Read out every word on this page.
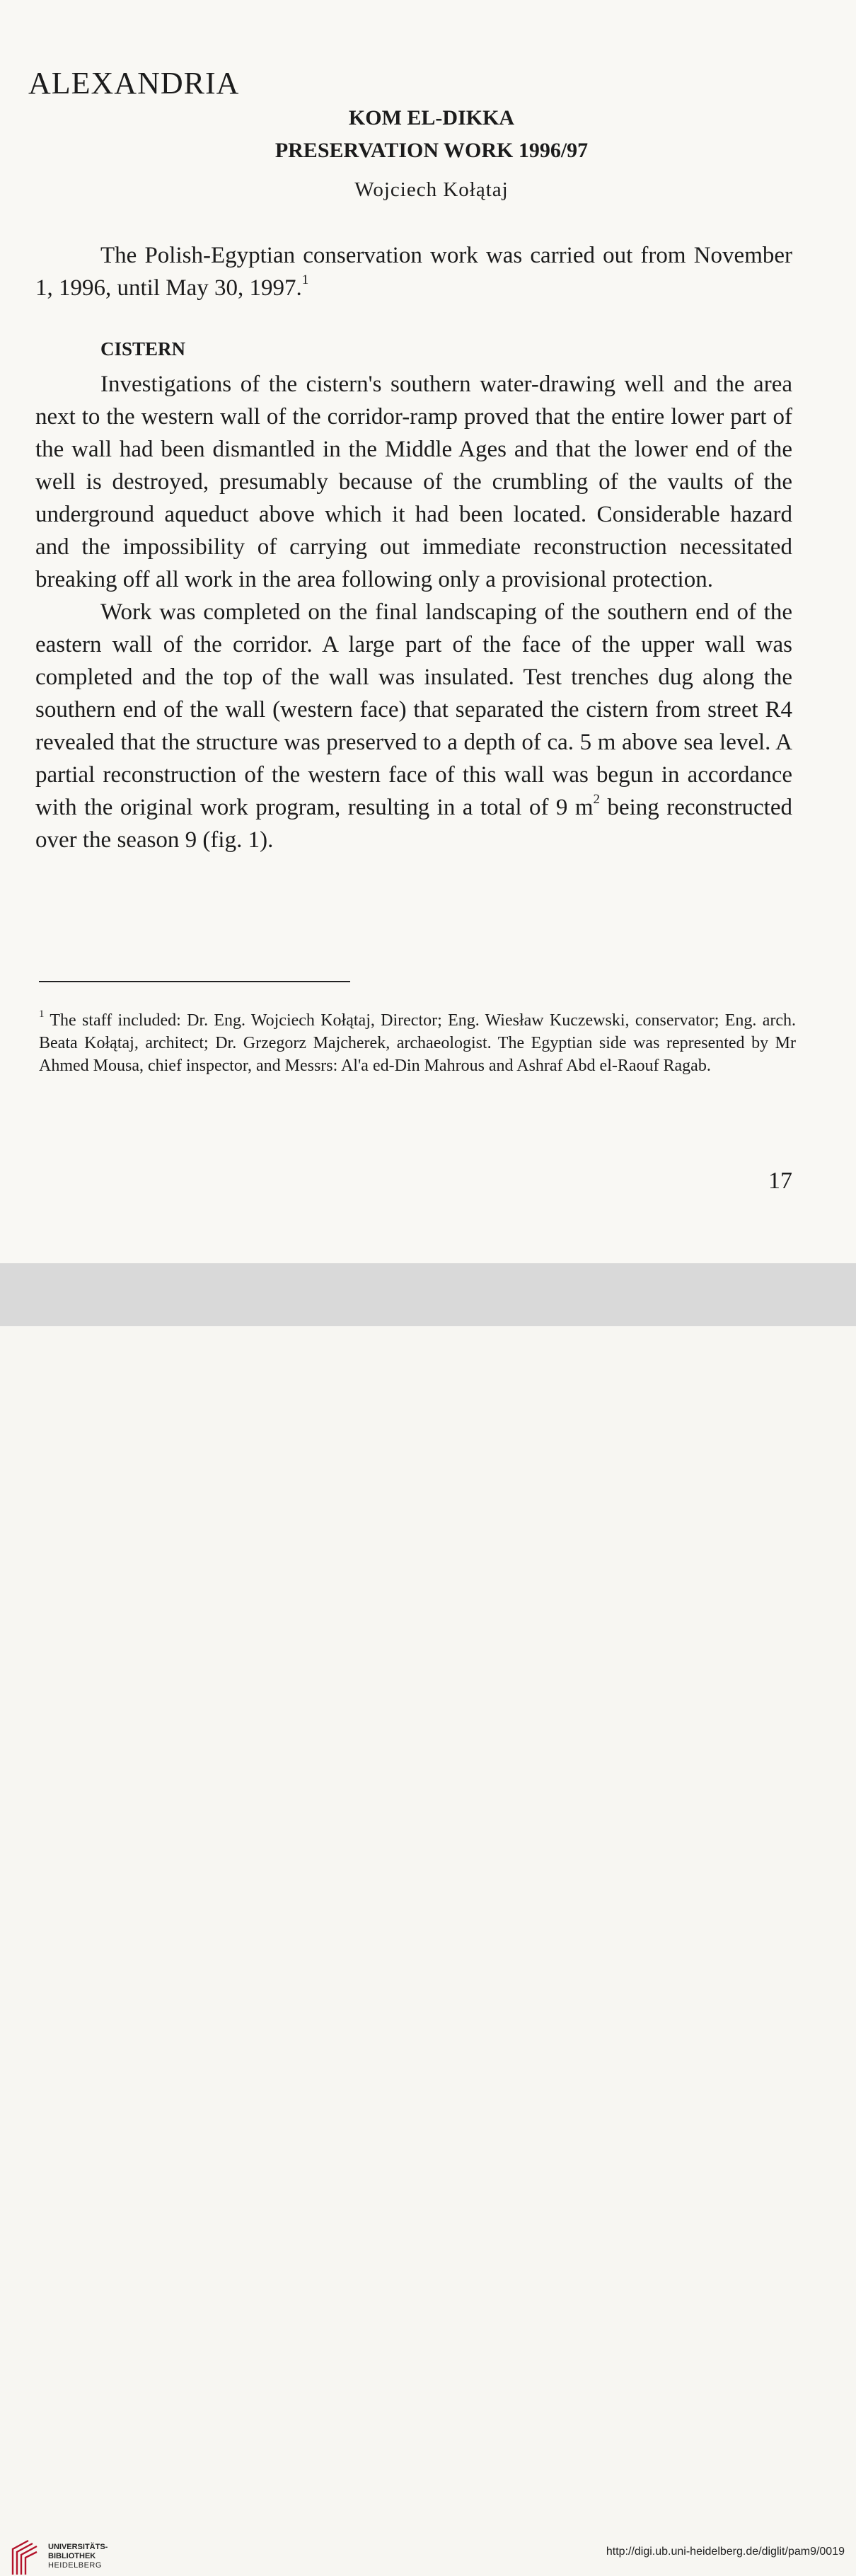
ALEXANDRIA
KOM EL-DIKKA
PRESERVATION WORK 1996/97
Wojciech Kołątaj

The Polish-Egyptian conservation work was carried out from November 1, 1996, until May 30, 1997.$^1$

CISTERN

Investigations of the cistern's southern water-drawing well and the area next to the western wall of the corridor-ramp proved that the entire lower part of the wall had been dismantled in the Middle Ages and that the lower end of the well is destroyed, presumably because of the crumbling of the vaults of the underground aqueduct above which it had been located. Considerable hazard and the impossibility of carrying out immediate reconstruction necessitated breaking off all work in the area following only a provisional protection.

Work was completed on the final landscaping of the southern end of the eastern wall of the corridor. A large part of the face of the upper wall was completed and the top of the wall was insulated. Test trenches dug along the southern end of the wall (western face) that separated the cistern from street R4 revealed that the structure was preserved to a depth of ca. 5 m above sea level. A partial reconstruction of the western face of this wall was begun in accordance with the original work program, resulting in a total of 9 $m^2$ being reconstructed over the season 9 (fig. 1).

$^1$ The staff included: Dr. Eng. Wojciech Kołątaj, Director; Eng. Wiesław Kuczewski, conservator; Eng. arch. Beata Kołątaj, architect; Dr. Grzegorz Majcherek, archaeologist. The Egyptian side was represented by Mr Ahmed Mousa, chief inspector, and Messrs: Al'a ed-Din Mahrous and Ashraf Abd el-Raouf Ragab.
17
UNIVERSITÄTS-
BIBLIOTHEK
HEIDELBERG
http://digi.ub.uni-heidelberg.de/diglit/pam9/0019
